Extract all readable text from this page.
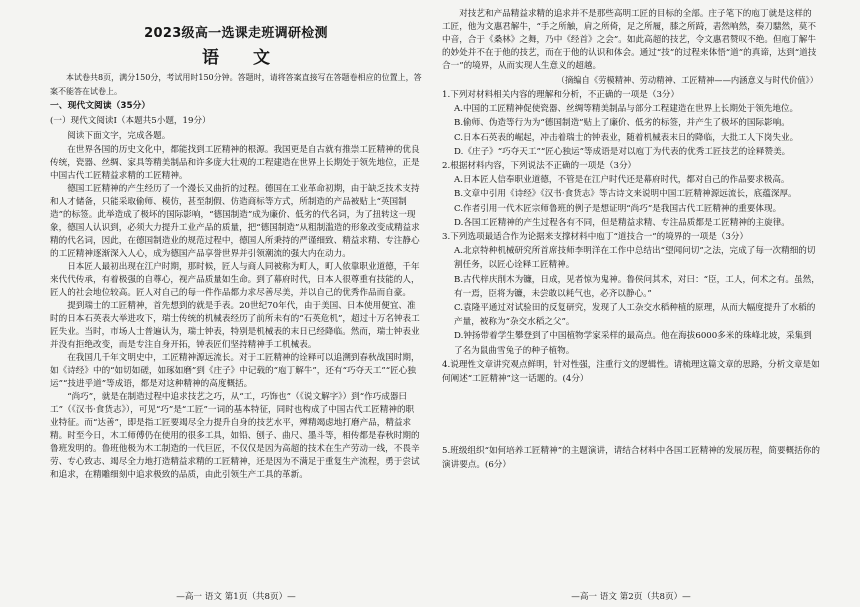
2023级高一选课走班调研检测
语 文

本试卷共8页，满分150分，考试用时150分钟。答题时，请将答案直接写在答题卷相应的位置上，答案不能答在试卷上。

一、现代文阅读（35分）

(一）现代文阅读Ⅰ（本题共5小题，19分）

阅读下面文字，完成各题。

在世界各国的历史文化中，都能找到工匠精神的根源。我国更是自古就有推崇工匠精神的优良传统，瓷器、丝绸、家具等精美制品和许多庞大壮观的工程建造在世界上长期处于领先地位，正是中国古代工匠精益求精的工匠精神。

德国工匠精神的产生经历了一个漫长又曲折的过程。德国在工业革命初期，由于缺乏技术支持和人才储备，只能采取偷师、模仿，甚至制假、仿造商标等方式，所制造的产品被贴上“英国制造”的标签。此举造成了极坏的国际影响，“德国制造”成为廉价、低劣的代名词，为了扭转这一现象，德国人认识到，必须大力提升工业产品的质量，把“德国制造”从粗制滥造的形象改变成精益求精的代名词，因此，在德国制造业的规范过程中，德国人所秉持的严谨细致、精益求精、专注静心的工匠精神逐渐深入人心，成为德国产品享誉世界并引领潮流的强大内在动力。

日本匠人最初出现在江户时期，那时候，匠人与商人同被称为町人，町人依靠职业道德，千年来代代传承，有着极强的自尊心，视产品质量如生命。到了幕府时代，日本人很尊重有技能的人，匠人的社会地位较高。匠人对自己的每一件作品都力求尽善尽美，并以自己的优秀作品而自豪。

提到瑞士的工匠精神，首先想到的就是手表。20世纪70年代，由于美国、日本使用便宜、准时的日本石英表大举进攻下，瑞士传统的机械表经历了前所未有的“石英危机”，超过十万名钟表工匠失业。当时，市场人士普遍认为，瑞士钟表，特别是机械表的末日已经降临。然而，瑞士钟表业并没有拒绝改变，而是专注自身开拓，钟表匠们坚持精神手工机械表。

在我国几千年文明史中，工匠精神源远流长。对于工匠精神的诠释可以追溯到春秋战国时期，如《诗经》中的“如切如磋，如琢如磨”到《庄子》中记载的“庖丁解牛”，还有“巧夺天工”“匠心独运”“技进乎道”等成语，都是对这种精神的高度概括。

“尚巧”，就是在制造过程中追求技艺之巧，从“工，巧饰也”（《说文解字》）到“作巧成器曰工”（《汉书·食货志》），可见“巧”是“工匠”一词的基本特征，同时也构成了中国古代工匠精神的职业特征。而“达善”，即是指工匠要竭尽全力提升自身的技艺水平，殚精竭虑地打磨产品，精益求精。时至今日，木工师傅仍在使用的很多工具，如铅、刨子、曲尺、墨斗等，相传都是春秋时期的鲁班发明的。鲁班他极为木工制造的一代巨匠，不仅仅是因为高超的技术在生产劳动一线，不畏辛劳、专心致志、竭尽全力地打造精益求精的工匠精神，还是因为不满足于重复生产流程，勇于尝试和追求，在精雕细刻中追求极致的品质，由此引领生产工具的革新。

—高一 语文 第1页（共8页）—

对技艺和产品精益求精的追求并不是那些高明工匠的目标的全部。庄子笔下的庖丁就是这样的工匠，他为文惠君解牛，“手之所触，肩之所倚，足之所履，膝之所踦，砉然响然，奏刀騞然，莫不中音，合于《桑林》之舞，乃中《经首》之会”。如此高超的技艺，令文惠君赞叹不绝。但庖丁解牛的妙处并不在于他的技艺，而在于他的认识和体会。通过“技”的过程来体悟“道”的真谛，达到“道技合一”的境界，从而实现人生意义的超越。

（摘编自《劳模精神、劳动精神、工匠精神——内涵意义与时代价值》）

1.下列对材料相关内容的理解和分析，不正确的一项是（3分）

A.中国的工匠精神促使瓷器、丝绸等精美制品与部分工程建造在世界上长期处于领先地位。

B.偷师、伪造等行为为“德国制造”贴上了廉价、低劣的标签，并产生了极坏的国际影响。

C.日本石英表的崛起，冲击着瑞士的钟表业，随着机械表末日的降临，大批工人下岗失业。

D.《庄子》“巧夺天工”“匠心独运”等成语是对以庖丁为代表的优秀工匠技艺的诠释赞美。

2.根据材料内容，下列说法不正确的一项是（3分）

A.日本匠人信奉职业道德，不管是在江户时代还是幕府时代，都对自己的作品要求极高。

B.文章中引用《诗经》《汉书·食货志》等古诗文来说明中国工匠精神源远流长，底蕴深厚。

C.作者引用一代木匠宗师鲁班的例子是想证明“尚巧”是我国古代工匠精神的重要体现。

D.各国工匠精神的产生过程各有不同，但是精益求精、专注品质都是工匠精神的主旋律。

3.下列选项最适合作为论据来支撑材料中庖丁“道技合一”的境界的一项是（3分）

A.北京特种机械研究所首席技师李明洋在工作中总结出“望闻问切”之法，完成了每一次精细的切割任务，以匠心诠释工匠精神。

B.古代梓庆削木为镰，日成，见者惊为鬼神。鲁侯问其术，对曰：“臣，工人，何术之有。虽然，有一焉，臣将为镰，未尝敢以耗气也，必齐以静心。”

C.袁隆平通过对试验田的反复研究，发现了人工杂交水稻种植的原理，从而大幅度提升了水稻的产量，被称为“杂交水稻之父”。

D.钟扬带着学生攀登到了中国植物学家采样的最高点。他在海拔6000多米的珠峰北坡，采集到了名为鼠曲雪兔子的种子植物。

4.说理性文章讲究观点鲜明，针对性强，注重行文的逻辑性。请梳理这篇文章的思路，分析文章是如何阐述“工匠精神”这一话题的。(4分）

5.班级组织“如何培养工匠精神”的主题演讲，请结合材料中各国工匠精神的发展历程，简要概括你的演讲要点。(6分）

—高一 语文 第2页（共8页）—
